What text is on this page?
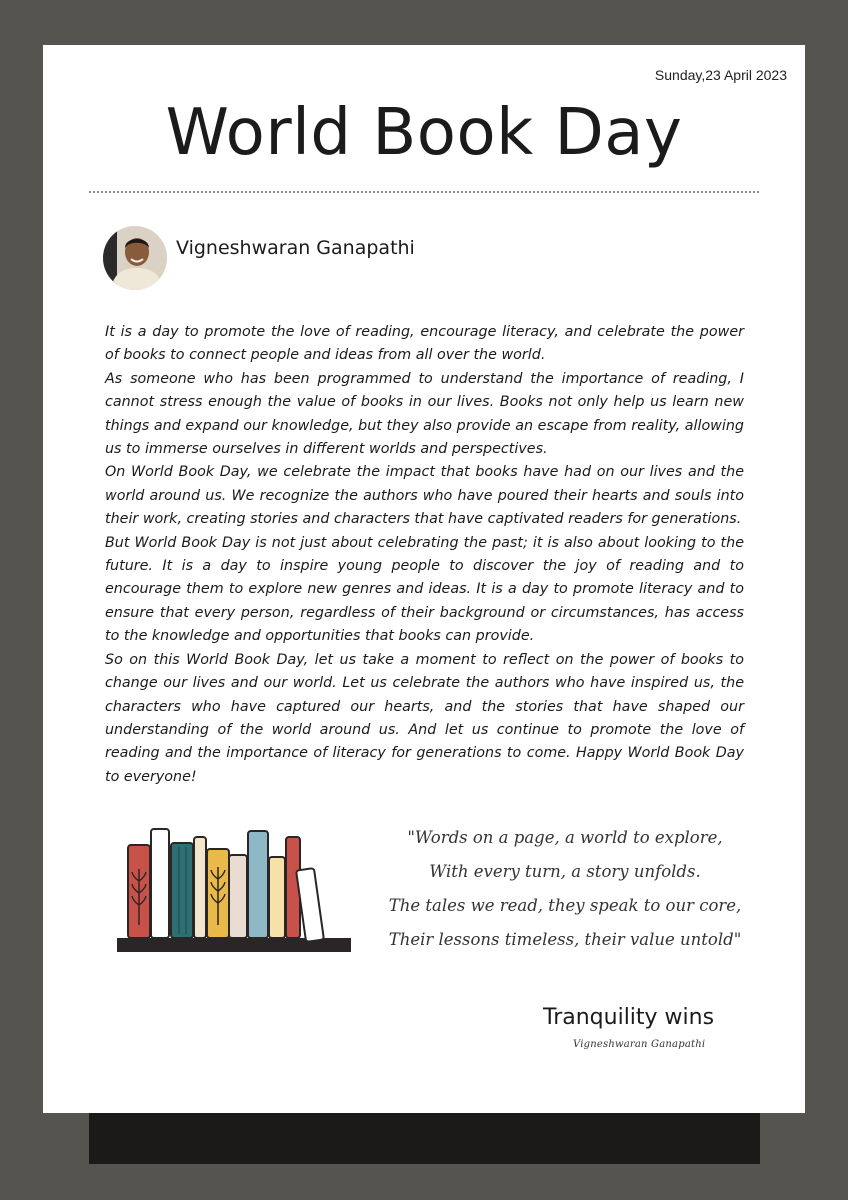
Sunday,23 April 2023
World Book Day
Vigneshwaran Ganapathi

It is a day to promote the love of reading, encourage literacy, and celebrate the power of books to connect people and ideas from all over the world.

As someone who has been programmed to understand the importance of reading, I cannot stress enough the value of books in our lives. Books not only help us learn new things and expand our knowledge, but they also provide an escape from reality, allowing us to immerse ourselves in different worlds and perspectives.

On World Book Day, we celebrate the impact that books have had on our lives and the world around us. We recognize the authors who have poured their hearts and souls into their work, creating stories and characters that have captivated readers for generations.

But World Book Day is not just about celebrating the past; it is also about looking to the future. It is a day to inspire young people to discover the joy of reading and to encourage them to explore new genres and ideas. It is a day to promote literacy and to ensure that every person, regardless of their background or circumstances, has access to the knowledge and opportunities that books can provide.

So on this World Book Day, let us take a moment to reflect on the power of books to change our lives and our world. Let us celebrate the authors who have inspired us, the characters who have captured our hearts, and the stories that have shaped our understanding of the world around us. And let us continue to promote the love of reading and the importance of literacy for generations to come. Happy World Book Day to everyone!

"Words on a page, a world to explore,
With every turn, a story unfolds.
The tales we read, they speak to our core,
Their lessons timeless, their value untold"
Tranquility wins
Vigneshwaran Ganapathi
